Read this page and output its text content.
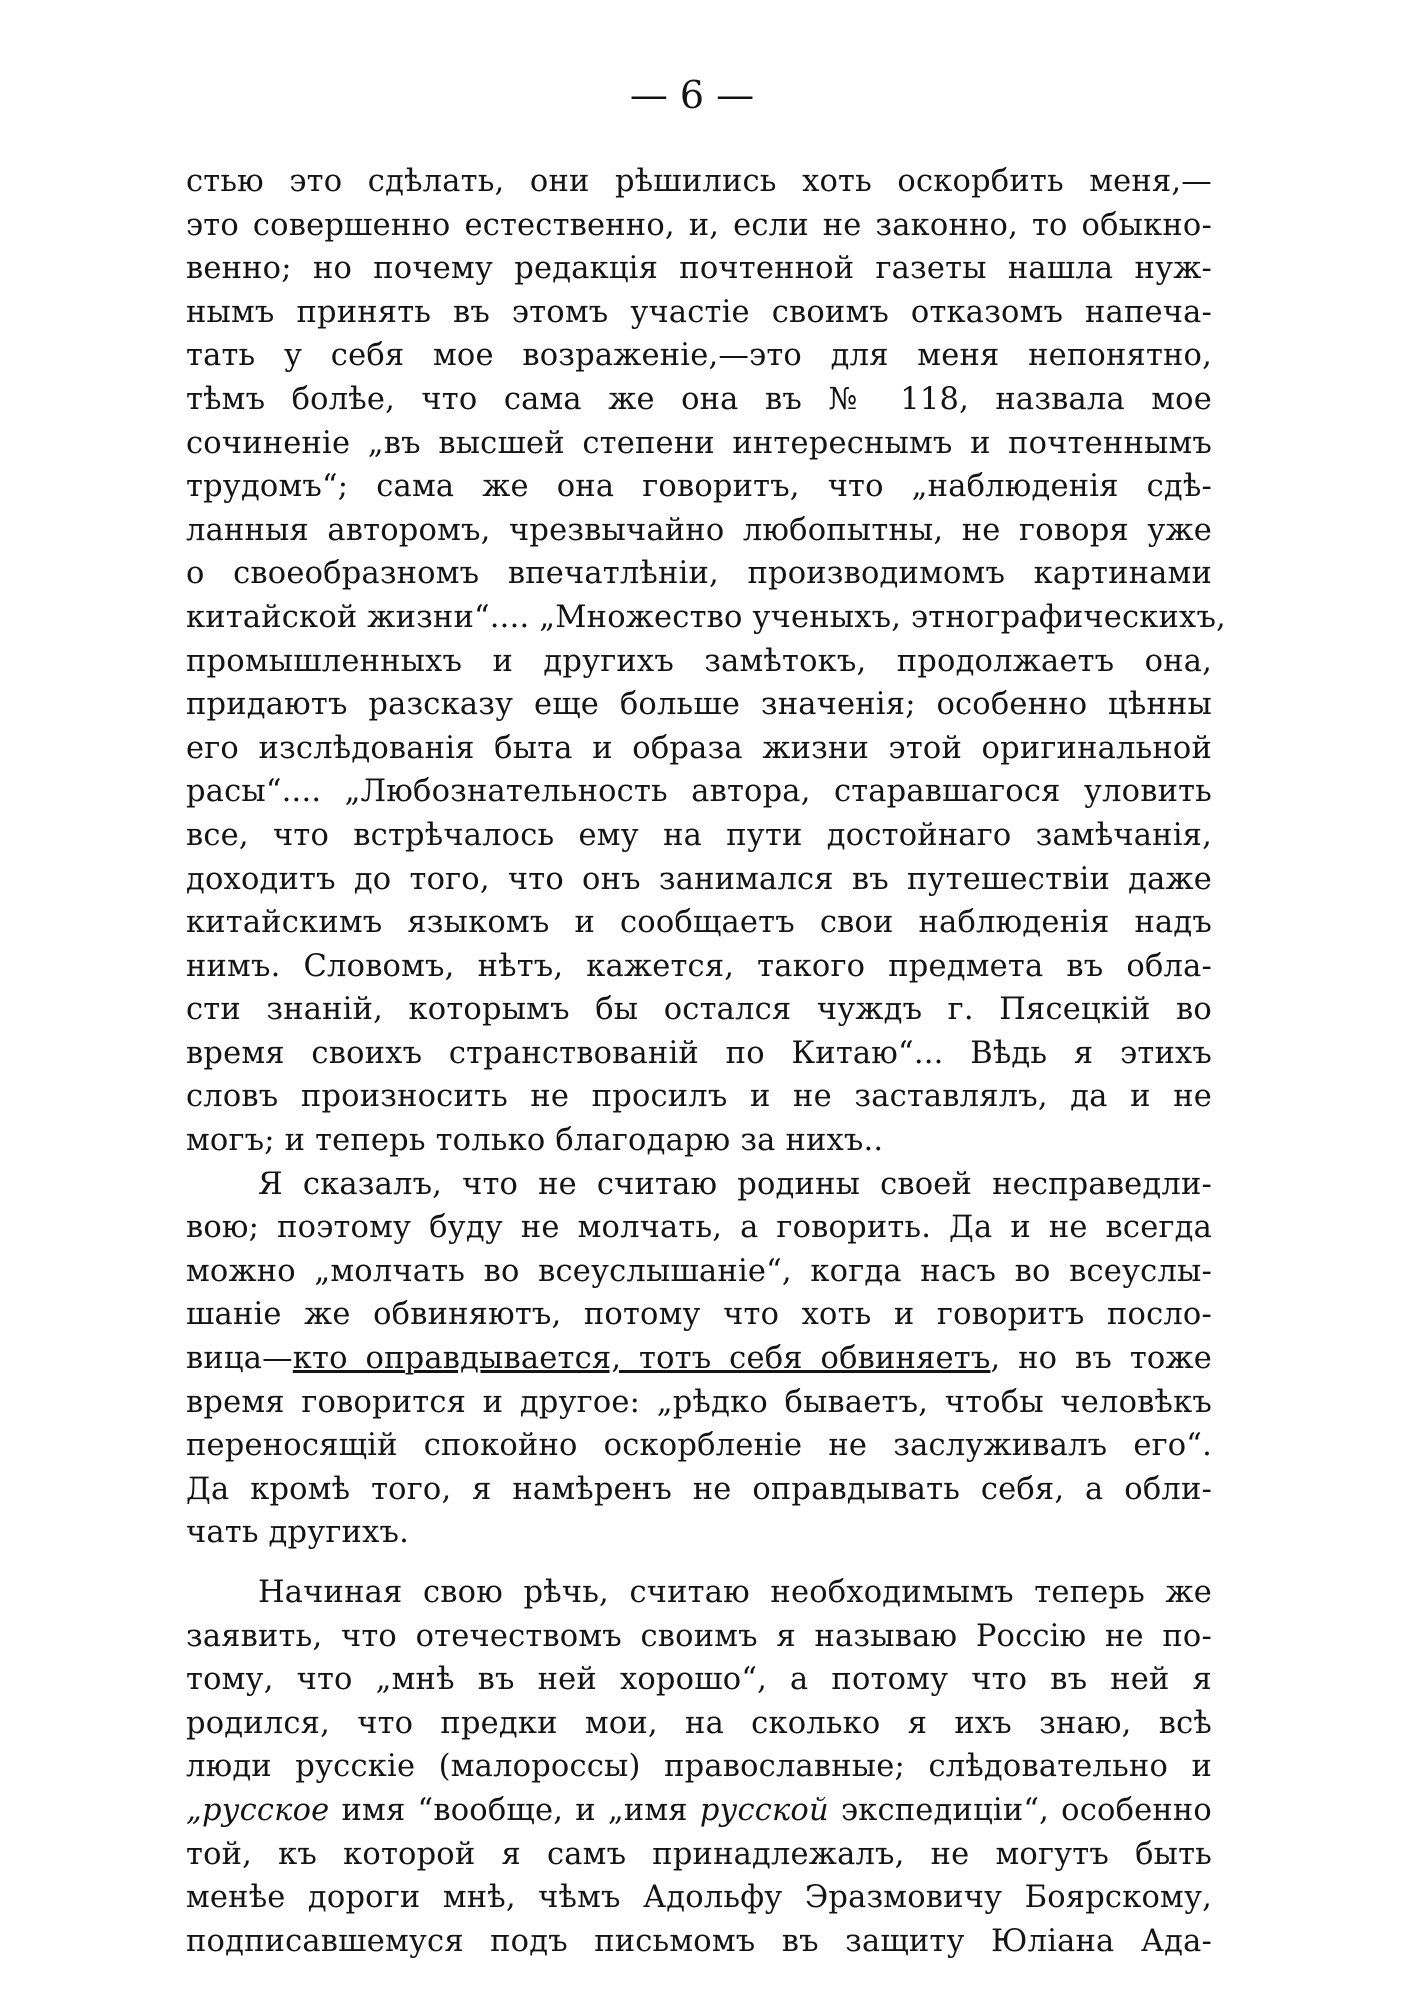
— 6 —
стью это сдѣлать, они рѣшились хоть оскорбить меня,—
это совершенно естественно, и, если не законно, то обыкно-
венно; но почему редакція почтенной газеты нашла нуж-
нымъ принять въ этомъ участіе своимъ отказомъ напеча-
тать у себя мое возраженіе,—это для меня непонятно,
тѣмъ болѣе, что сама же она въ № 118, назвала мое
сочиненіе „въ высшей степени интереснымъ и почтеннымъ
трудомъ“; сама же она говоритъ, что „наблюденія сдѣ-
ланныя авторомъ, чрезвычайно любопытны, не говоря уже
о своеобразномъ впечатлѣніи, производимомъ картинами
китайской жизни“.... „Множество ученыхъ, этнографическихъ,
промышленныхъ и другихъ замѣтокъ, продолжаетъ она,
придаютъ разсказу еще больше значенія; особенно цѣнны
его изслѣдованія быта и образа жизни этой оригинальной
расы“.... „Любознательность автора, старавшагося уловить
все, что встрѣчалось ему на пути достойнаго замѣчанія,
доходитъ до того, что онъ занимался въ путешествіи даже
китайскимъ языкомъ и сообщаетъ свои наблюденія надъ
нимъ. Словомъ, нѣтъ, кажется, такого предмета въ обла-
сти знаній, которымъ бы остался чуждъ г. Пясецкій во
время своихъ странствованій по Китаю“... Вѣдь я этихъ
словъ произносить не просилъ и не заставлялъ, да и не
могъ; и теперь только благодарю за нихъ..
Я сказалъ, что не считаю родины своей несправедли-
вою; поэтому буду не молчать, а говорить. Да и не всегда
можно „молчать во всеуслышаніе“, когда насъ во всеуслы-
шаніе же обвиняютъ, потому что хоть и говоритъ посло-
вица—кто оправдывается, тотъ себя обвиняетъ, но въ тоже
время говорится и другое: „рѣдко бываетъ, чтобы человѣкъ
переносящій спокойно оскорбленіе не заслуживалъ его“.
Да кромѣ того, я намѣренъ не оправдывать себя, а обли-
чать другихъ.
Начиная свою рѣчь, считаю необходимымъ теперь же
заявить, что отечествомъ своимъ я называю Россію не по-
тому, что „мнѣ въ ней хорошо“, а потому что въ ней я
родился, что предки мои, на сколько я ихъ знаю, всѣ
люди русскіе (малороссы) православные; слѣдовательно и
„русское имя “вообще, и „имя русской экспедиціи“, особенно
той, къ которой я самъ принадлежалъ, не могутъ быть
менѣе дороги мнѣ, чѣмъ Адольфу Эразмовичу Боярскому,
подписавшемуся подъ письмомъ въ защиту Юліана Ада-
